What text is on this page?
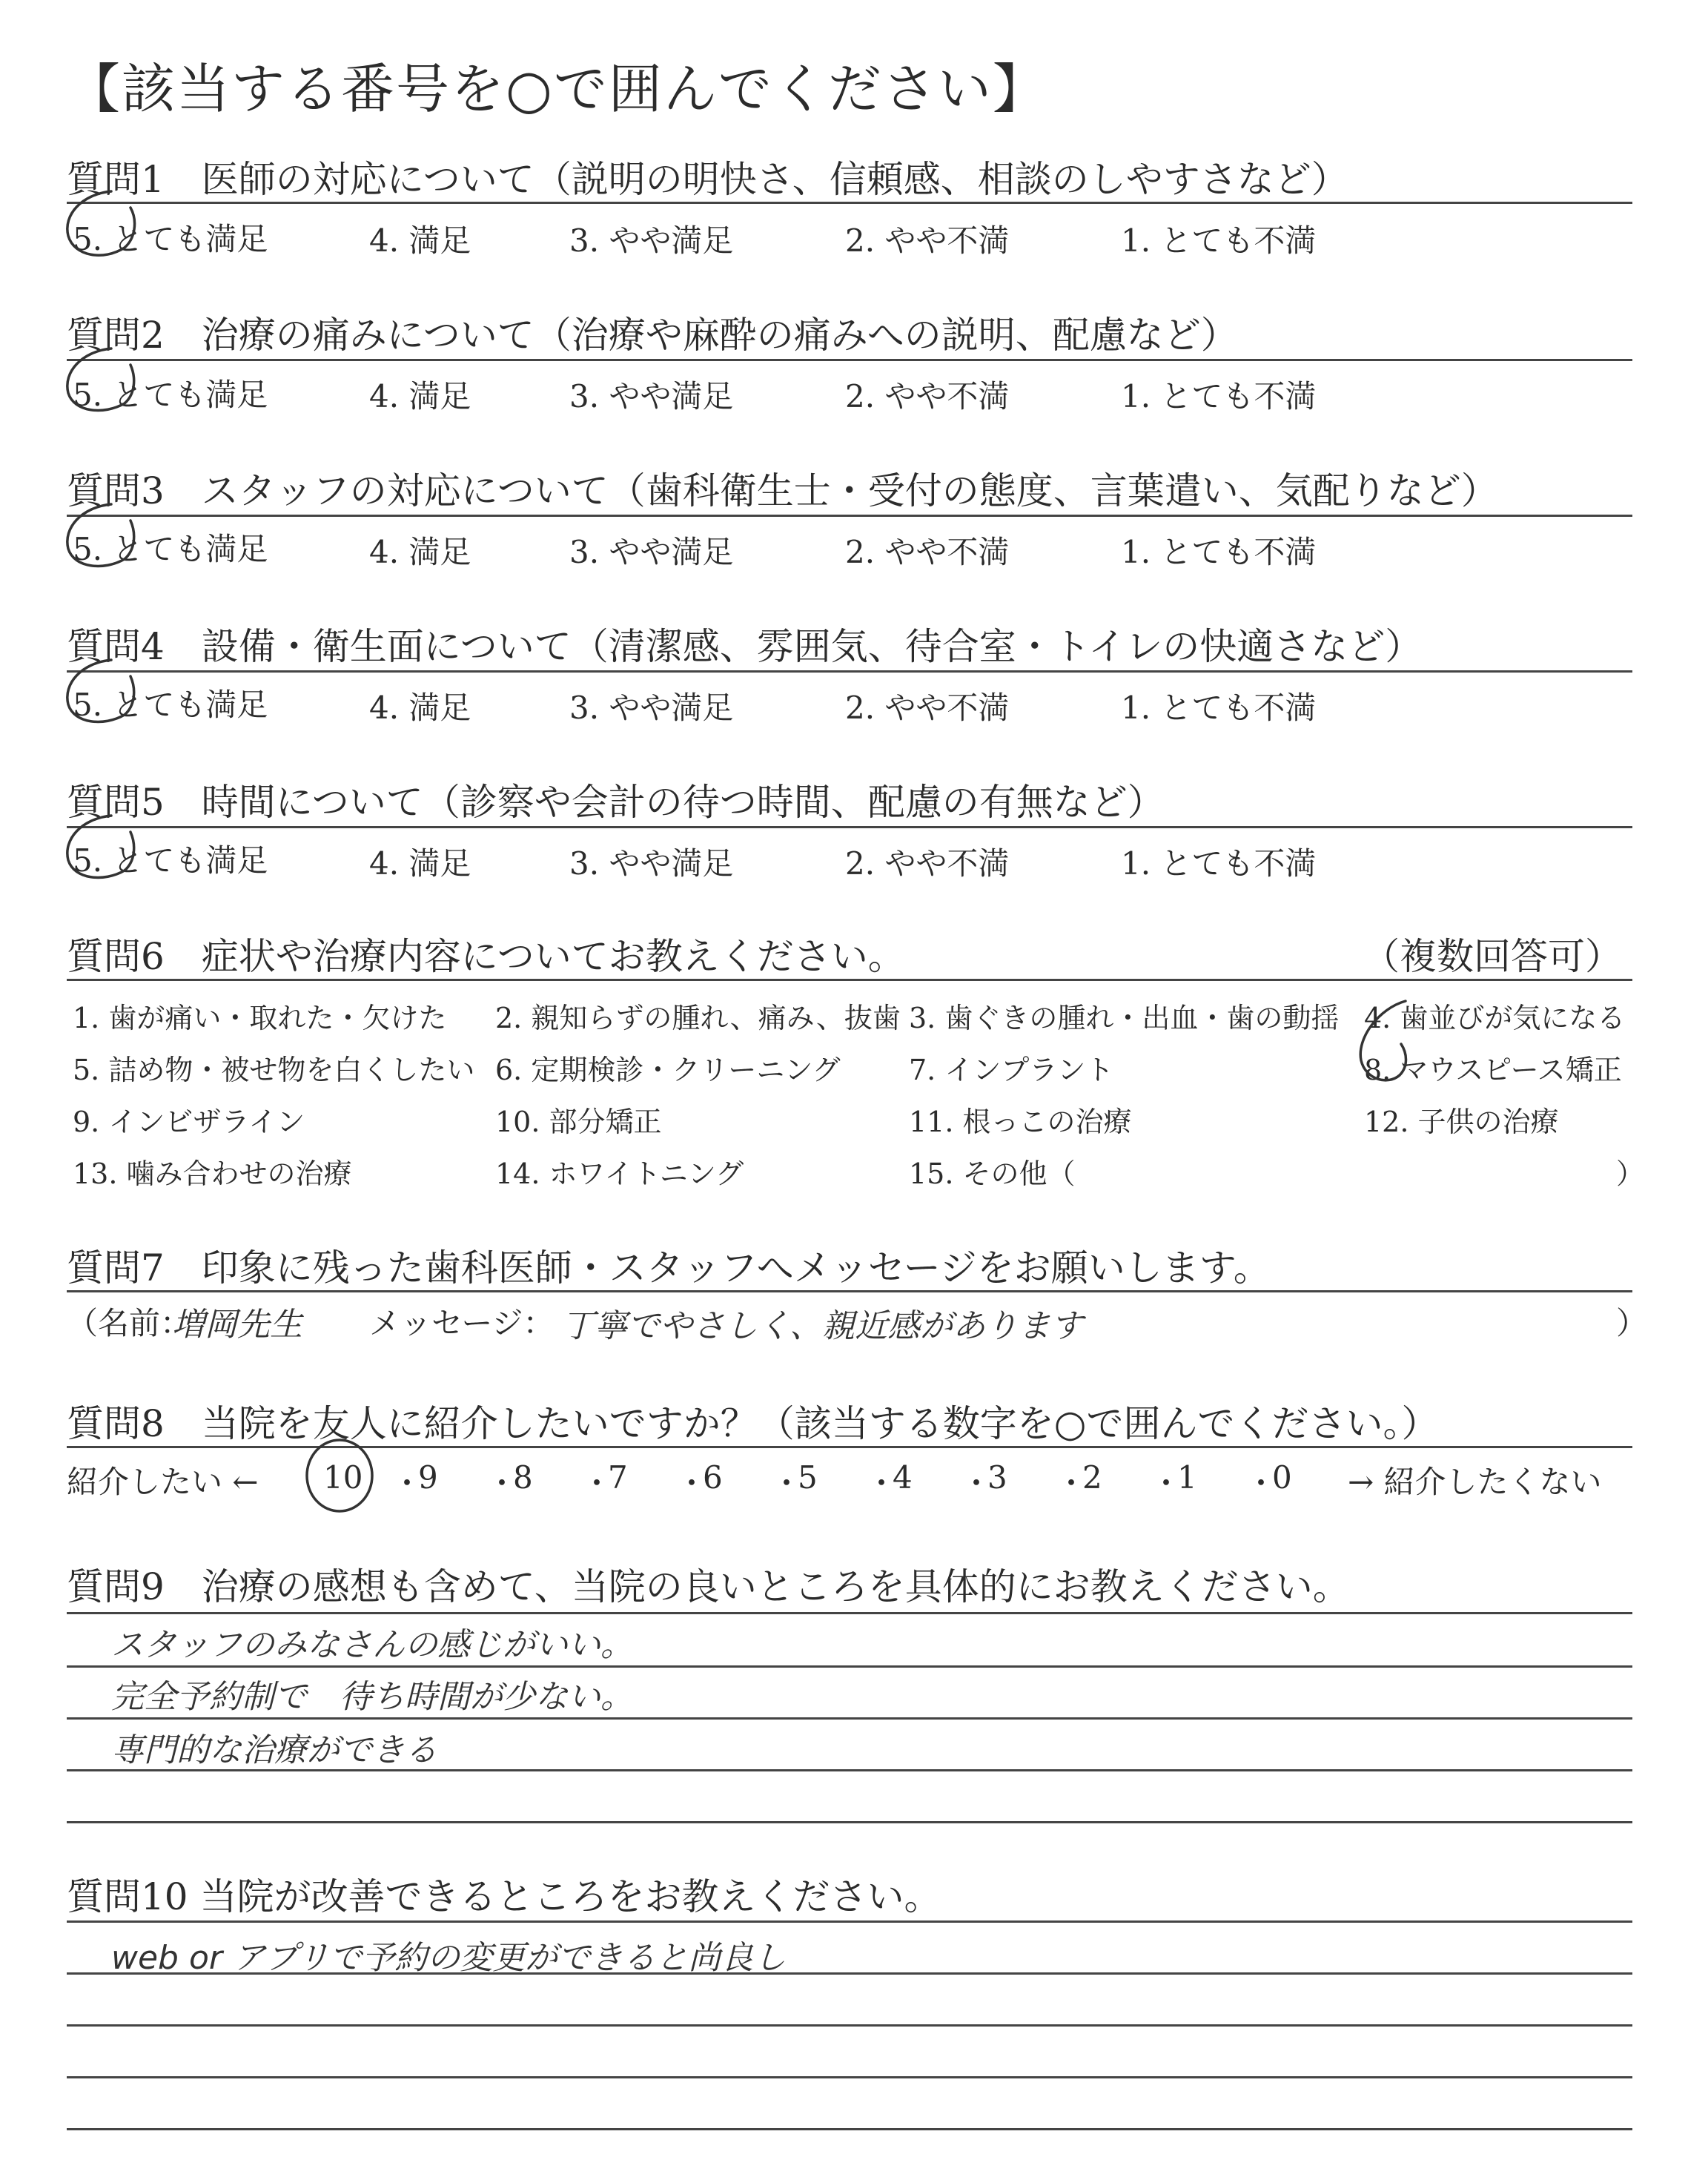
【該当する番号を○で囲んでください】
質問1　医師の対応について（説明の明快さ、信頼感、相談のしやすさなど）
5. とても満足	4. 満足	3. やや満足	2. やや不満	1. とても不満
質問2　治療の痛みについて（治療や麻酔の痛みへの説明、配慮など）
5. とても満足	4. 満足	3. やや満足	2. やや不満	1. とても不満
質問3　スタッフの対応について（歯科衛生士・受付の態度、言葉遣い、気配りなど）
5. とても満足	4. 満足	3. やや満足	2. やや不満	1. とても不満
質問4　設備・衛生面について（清潔感、雰囲気、待合室・トイレの快適さなど）
5. とても満足	4. 満足	3. やや満足	2. やや不満	1. とても不満
質問5　時間について（診察や会計の待つ時間、配慮の有無など）
5. とても満足	4. 満足	3. やや満足	2. やや不満	1. とても不満
質問6　症状や治療内容についてお教えください。	（複数回答可）
1. 歯が痛い・取れた・欠けた 2. 親知らずの腫れ、痛み、抜歯 3. 歯ぐきの腫れ・出血・歯の動揺 4. 歯並びが気になる
5. 詰め物・被せ物を白くしたい 6. 定期検診・クリーニング 7. インプラント	8. マウスピース矯正
9. インビザライン	10. 部分矯正	11. 根っこの治療	12. 子供の治療
13. 噛み合わせの治療	14. ホワイトニング	15. その他（	）
質問7　印象に残った歯科医師・スタッフへメッセージをお願いします。
（名前：
増岡先生 メッセージ： 丁寧でやさしく、親近感があります	）
質問8　当院を友人に紹介したいですか？（該当する数字を○で囲んでください。）
紹介したい ← 10 ・
9 ・
8 ・
7 ・
6 ・
5 ・
4 ・
3 ・
2 ・
1 ・
0 → 紹介したくない
質問9　治療の感想も含めて、当院の良いところを具体的にお教えください。
スタッフのみなさんの感じがいい。
完全予約制で　待ち時間が少ない。
専門的な治療ができる
質問10 当院が改善できるところをお教えください。
web or アプリで予約の変更ができると尚良し
